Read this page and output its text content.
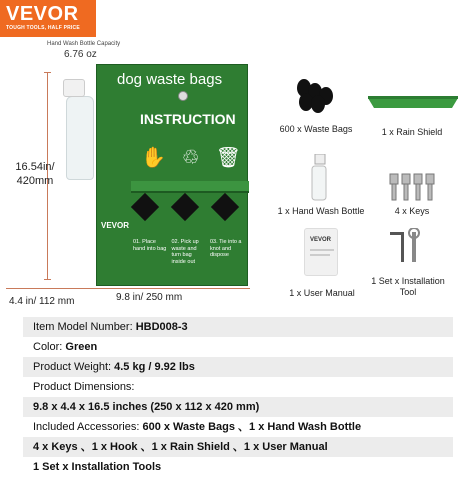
VEVOR
TOUGH TOOLS, HALF PRICE
Hand Wash Bottle Capacity
6.76 oz
16.54in/ 420mm
dog waste bags
INSTRUCTION
✋ ♲ 🗑
VEVOR
01. Place hand into bag
02. Pick up waste and turn bag inside out
03. Tie into a knot and dispose
4.4 in/ 112 mm	9.8 in/ 250 mm
600 x Waste Bags	1 x Rain Shield
1 x Hand Wash Bottle	4 x Keys
VEVOR
1 x User Manual
1 Set x Installation Tool
Item Model Number: HBD008-3
Color: Green
Product Weight: 4.5 kg / 9.92 lbs
Product Dimensions:
9.8 x 4.4 x 16.5 inches (250 x 112 x 420 mm)
Included Accessories: 600 x Waste Bags 、1 x Hand Wash Bottle
4 x Keys 、1 x Hook 、1 x Rain Shield 、1 x User Manual
1 Set x Installation Tools
